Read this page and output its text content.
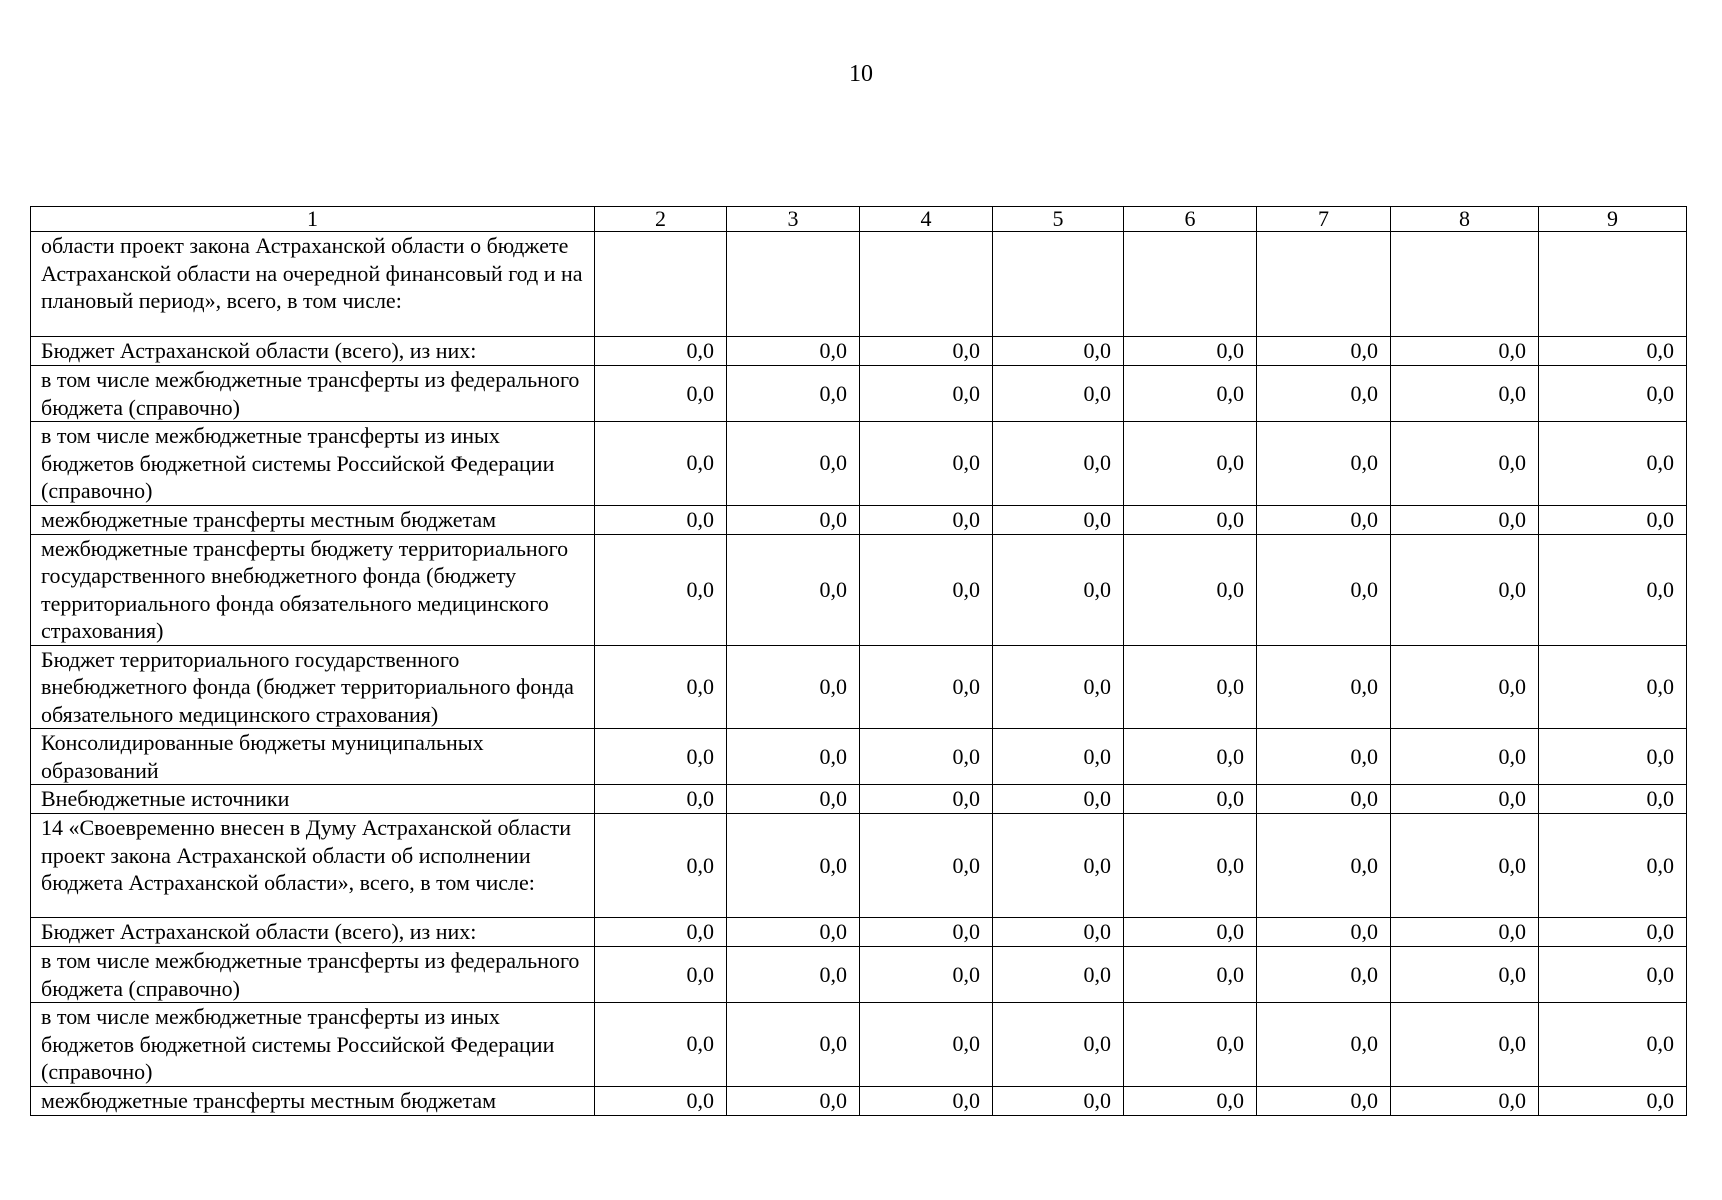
10
1	2	3	4	5	6	7	8	9
области проект закона Астраханской области о бюджете Астраханской области на очередной финансовый год и на плановый период», всего, в том числе:								
Бюджет Астраханской области (всего), из них:	0,0	0,0	0,0	0,0	0,0	0,0	0,0	0,0
в том числе межбюджетные трансферты из федерального бюджета (справочно)	0,0	0,0	0,0	0,0	0,0	0,0	0,0	0,0
в том числе межбюджетные трансферты из иных бюджетов бюджетной системы Российской Федерации (справочно)	0,0	0,0	0,0	0,0	0,0	0,0	0,0	0,0
межбюджетные трансферты местным бюджетам	0,0	0,0	0,0	0,0	0,0	0,0	0,0	0,0
межбюджетные трансферты бюджету территориального государственного внебюджетного фонда (бюджету территориального фонда обязательного медицинского страхования)	0,0	0,0	0,0	0,0	0,0	0,0	0,0	0,0
Бюджет территориального государственного внебюджетного фонда (бюджет территориального фонда обязательного медицинского страхования)	0,0	0,0	0,0	0,0	0,0	0,0	0,0	0,0
Консолидированные бюджеты муниципальных образований	0,0	0,0	0,0	0,0	0,0	0,0	0,0	0,0
Внебюджетные источники	0,0	0,0	0,0	0,0	0,0	0,0	0,0	0,0
14 «Своевременно внесен в Думу Астраханской области проект закона Астраханской области об исполнении бюджета Астраханской области», всего, в том числе:	0,0	0,0	0,0	0,0	0,0	0,0	0,0	0,0
Бюджет Астраханской области (всего), из них:	0,0	0,0	0,0	0,0	0,0	0,0	0,0	0,0
в том числе межбюджетные трансферты из федерального бюджета (справочно)	0,0	0,0	0,0	0,0	0,0	0,0	0,0	0,0
в том числе межбюджетные трансферты из иных бюджетов бюджетной системы Российской Федерации (справочно)	0,0	0,0	0,0	0,0	0,0	0,0	0,0	0,0
межбюджетные трансферты местным бюджетам	0,0	0,0	0,0	0,0	0,0	0,0	0,0	0,0
